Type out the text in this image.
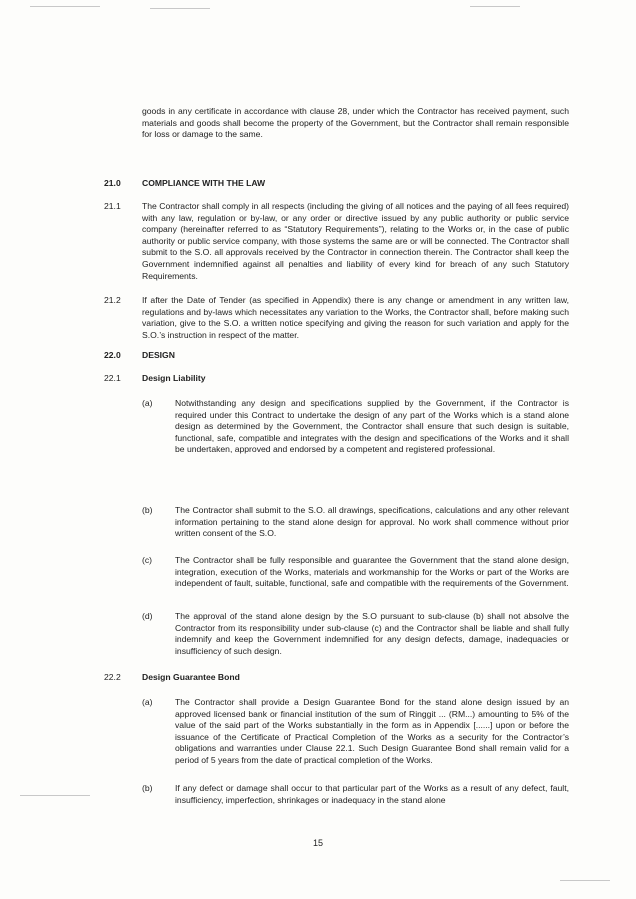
goods in any certificate in accordance with clause 28, under which the Contractor has received payment, such materials and goods shall become the property of the Government, but the Contractor shall remain responsible for loss or damage to the same.

21.0 COMPLIANCE WITH THE LAW
21.1 The Contractor shall comply in all respects (including the giving of all notices and the paying of all fees required) with any law, regulation or by-law, or any order or directive issued by any public authority or public service company (hereinafter referred to as “Statutory Requirements”), relating to the Works or, in the case of public authority or public service company, with those systems the same are or will be connected. The Contractor shall submit to the S.O. all approvals received by the Contractor in connection therein. The Contractor shall keep the Government indemnified against all penalties and liability of every kind for breach of any such Statutory Requirements.

21.2 If after the Date of Tender (as specified in Appendix) there is any change or amendment in any written law, regulations and by-laws which necessitates any variation to the Works, the Contractor shall, before making such variation, give to the S.O. a written notice specifying and giving the reason for such variation and apply for the S.O.’s instruction in respect of the matter.

22.0 DESIGN
22.1 Design Liability
(a)	Notwithstanding any design and specifications supplied by the Government, if the Contractor is required under this Contract to undertake the design of any part of the Works which is a stand alone design as determined by the Government, the Contractor shall ensure that such design is suitable, functional, safe, compatible and integrates with the design and specifications of the Works and it shall be undertaken, approved and endorsed by a competent and registered professional.

(b)	The Contractor shall submit to the S.O. all drawings, specifications, calculations and any other relevant information pertaining to the stand alone design for approval. No work shall commence without prior written consent of the S.O.

(c)	The Contractor shall be fully responsible and guarantee the Government that the stand alone design, integration, execution of the Works, materials and workmanship for the Works or part of the Works are independent of fault, suitable, functional, safe and compatible with the requirements of the Government.

(d)	The approval of the stand alone design by the S.O pursuant to sub-clause (b) shall not absolve the Contractor from its responsibility under sub-clause (c) and the Contractor shall be liable and shall fully indemnify and keep the Government indemnified for any design defects, damage, inadequacies or insufficiency of such design.

22.2 Design Guarantee Bond
(a)	The Contractor shall provide a Design Guarantee Bond for the stand alone design issued by an approved licensed bank or financial institution of the sum of Ringgit ... (RM...) amounting to 5% of the value of the said part of the Works substantially in the form as in Appendix [......] upon or before the issuance of the Certificate of Practical Completion of the Works as a security for the Contractor’s obligations and warranties under Clause 22.1. Such Design Guarantee Bond shall remain valid for a period of 5 years from the date of practical completion of the Works.

(b)	If any defect or damage shall occur to that particular part of the Works as a result of any defect, fault, insufficiency, imperfection, shrinkages or inadequacy in the stand alone

15
